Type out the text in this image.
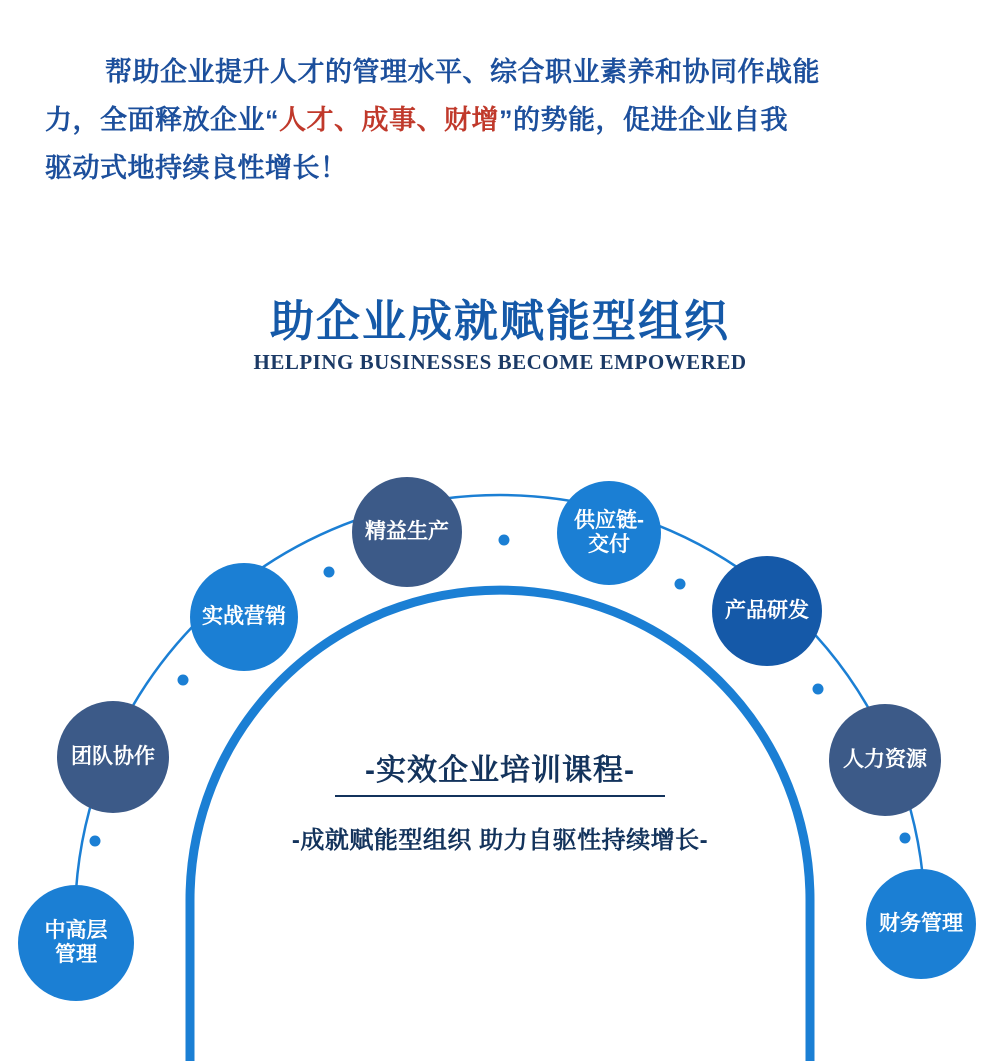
帮助企业提升人才的管理水平、综合职业素养和协同作战能
力，全面释放企业“人才、成事、财增”的势能，促进企业自我
驱动式地持续良性增长！
助企业成就赋能型组织
HELPING BUSINESSES BECOME EMPOWERED
中高层
管理
团队协作
实战营销
精益生产	供应链-
交付
产品研发
人力资源
财务管理
-实效企业培训课程-
-成就赋能型组织 助力自驱性持续增长-
